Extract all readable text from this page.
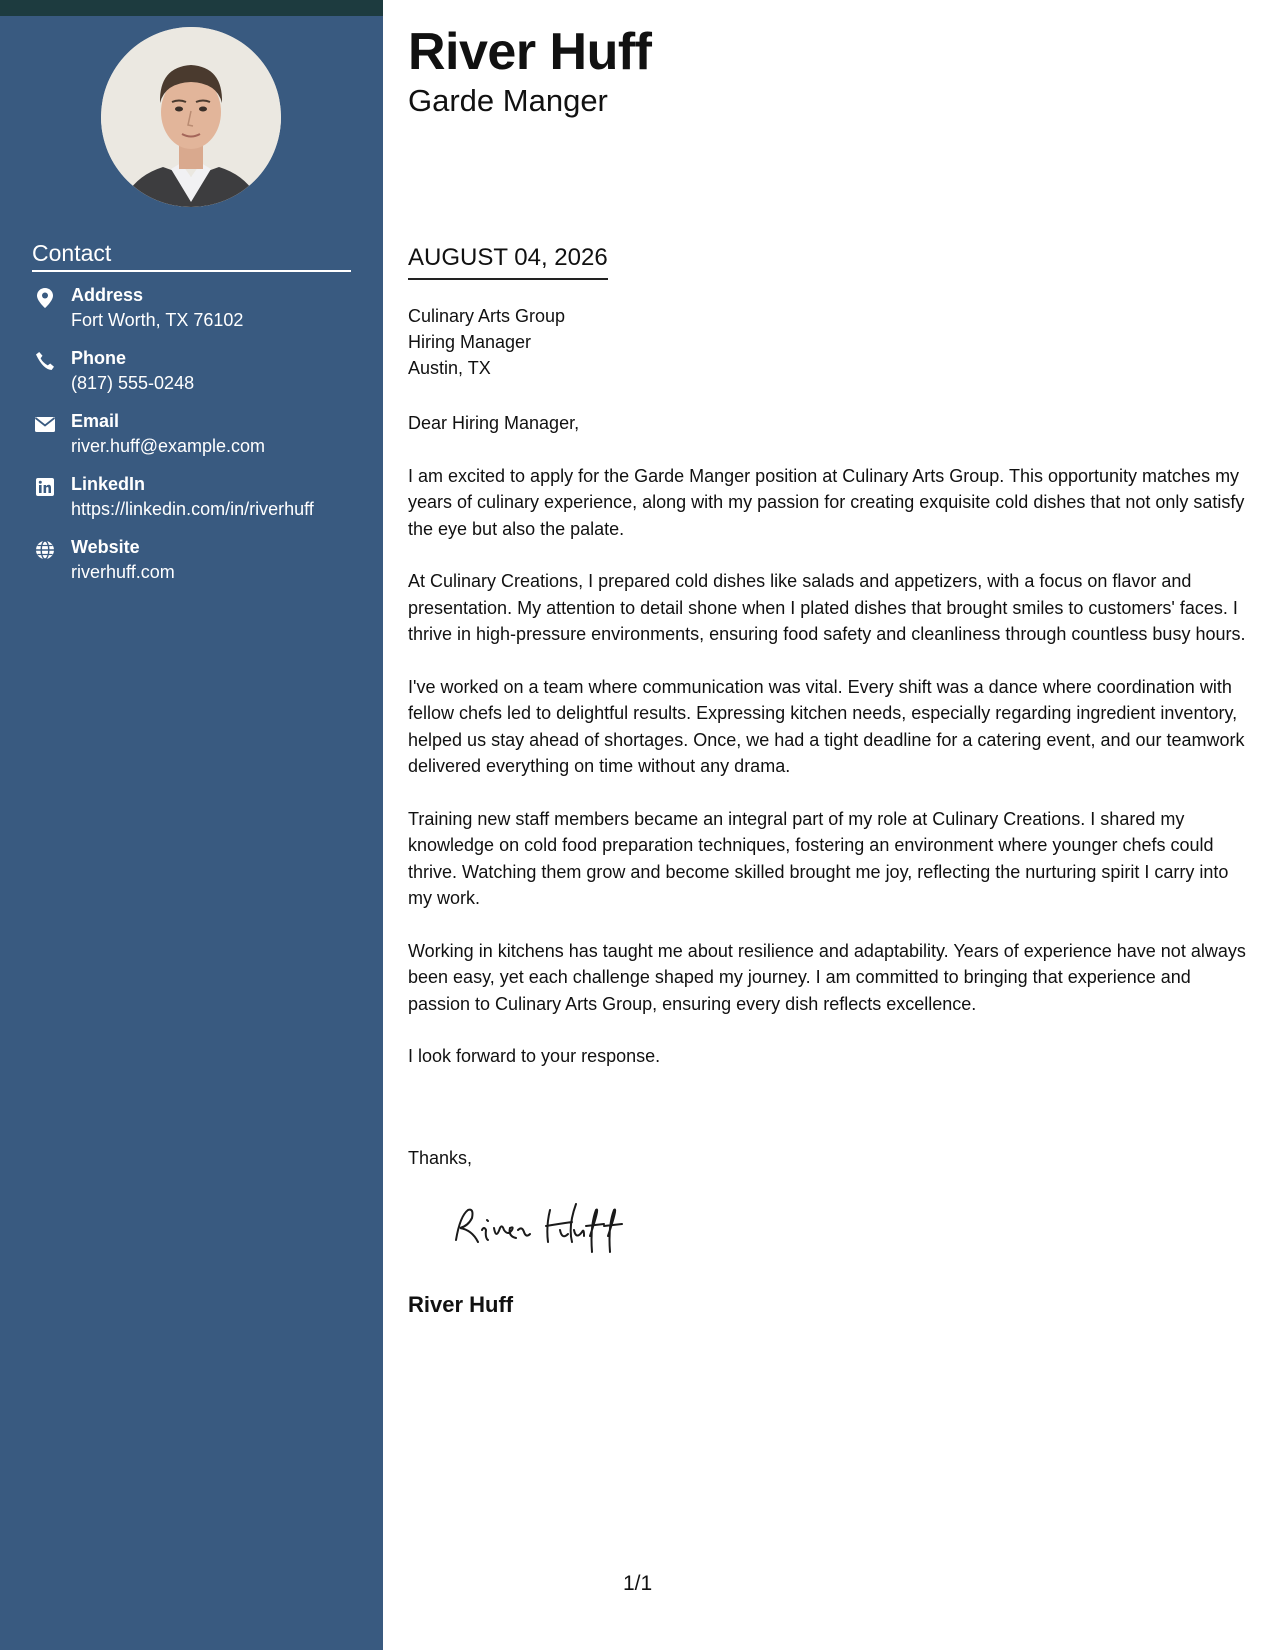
Contact
Address
Fort Worth, TX 76102
Phone
(817) 555-0248
Email
river.huff@example.com
LinkedIn
https://linkedin.com/in/riverhuff
Website
riverhuff.com
River Huff
Garde Manger
AUGUST 04, 2026
Culinary Arts Group
Hiring Manager
Austin, TX
Dear Hiring Manager,

I am excited to apply for the Garde Manger position at Culinary Arts Group. This opportunity matches my years of culinary experience, along with my passion for creating exquisite cold dishes that not only satisfy the eye but also the palate.

At Culinary Creations, I prepared cold dishes like salads and appetizers, with a focus on flavor and presentation. My attention to detail shone when I plated dishes that brought smiles to customers' faces. I thrive in high-pressure environments, ensuring food safety and cleanliness through countless busy hours.

I've worked on a team where communication was vital. Every shift was a dance where coordination with fellow chefs led to delightful results. Expressing kitchen needs, especially regarding ingredient inventory, helped us stay ahead of shortages. Once, we had a tight deadline for a catering event, and our teamwork delivered everything on time without any drama.

Training new staff members became an integral part of my role at Culinary Creations. I shared my knowledge on cold food preparation techniques, fostering an environment where younger chefs could thrive. Watching them grow and become skilled brought me joy, reflecting the nurturing spirit I carry into my work.

Working in kitchens has taught me about resilience and adaptability. Years of experience have not always been easy, yet each challenge shaped my journey. I am committed to bringing that experience and passion to Culinary Arts Group, ensuring every dish reflects excellence.

I look forward to your response.

Thanks,
River Huff
1/1
